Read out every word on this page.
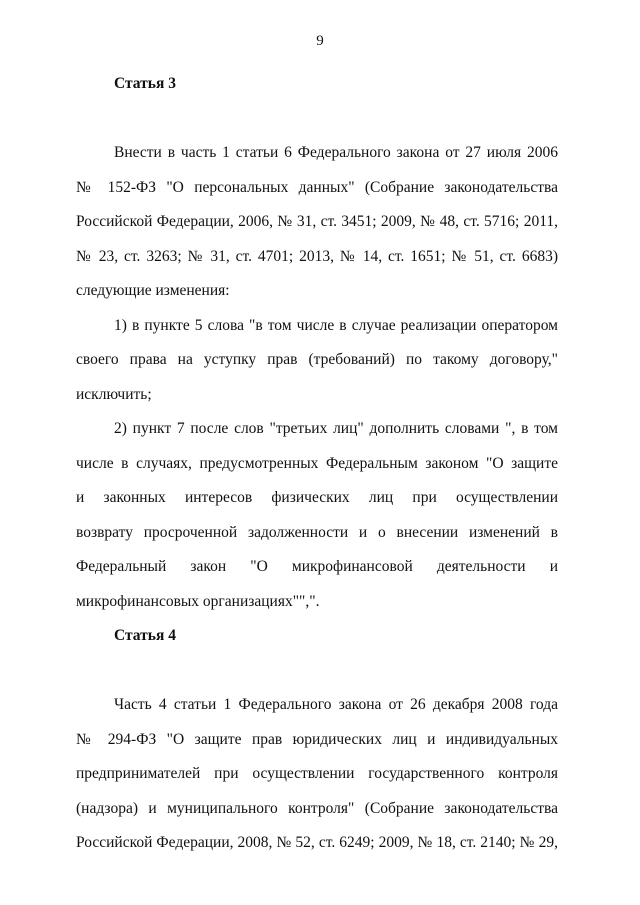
9

Статья 3

Внести в часть 1 статьи 6 Федерального закона от 27 июля 2006
№ 152-ФЗ "О персональных данных" (Собрание законодательства
Российской Федерации, 2006, № 31, ст. 3451; 2009, № 48, ст. 5716; 2011,
№ 23, ст. 3263; № 31, ст. 4701; 2013, № 14, ст. 1651; № 51, ст. 6683)
следующие изменения:
1) в пункте 5 слова "в том числе в случае реализации оператором
своего права на уступку прав (требований) по такому договору,"
исключить;
2) пункт 7 после слов "третьих лиц" дополнить словами ", в том
числе в случаях, предусмотренных Федеральным законом "О защите
и законных интересов физических лиц при осуществлении
возврату просроченной задолженности и о внесении изменений в
Федеральный закон "О микрофинансовой деятельности и
микрофинансовых организациях"",".

Статья 4

Часть 4 статьи 1 Федерального закона от 26 декабря 2008 года
№ 294-ФЗ "О защите прав юридических лиц и индивидуальных
предпринимателей при осуществлении государственного контроля
(надзора) и муниципального контроля" (Собрание законодательства
Российской Федерации, 2008, № 52, ст. 6249; 2009, № 18, ст. 2140; № 29,
